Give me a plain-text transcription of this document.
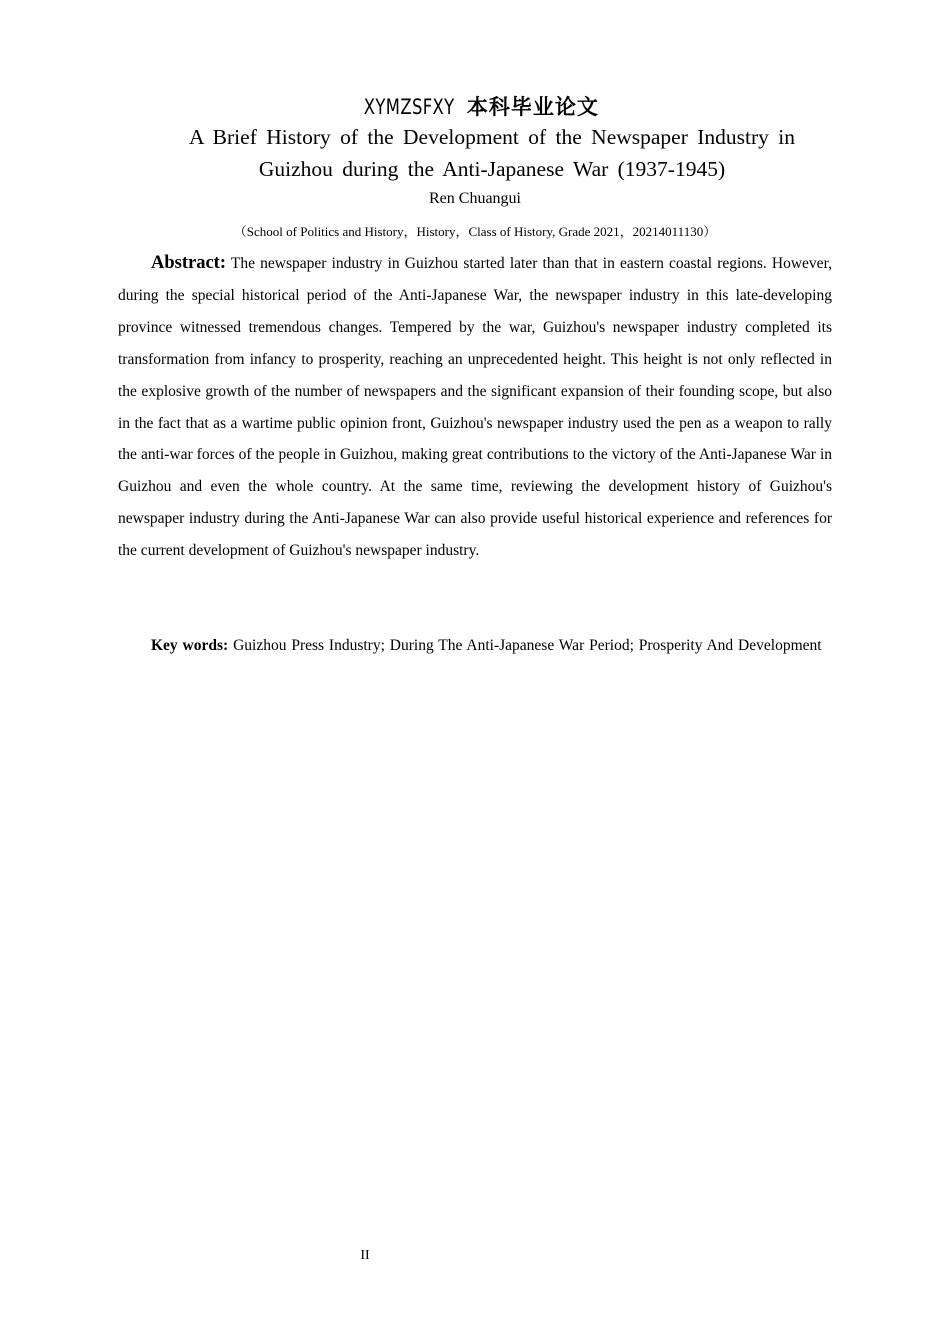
XYMZSFXY 本科毕业论文
A Brief History of the Development of the Newspaper Industry in Guizhou during the Anti-Japanese War (1937-1945)
Ren Chuangui
（School of Politics and History，History，Class of History, Grade 2021，20214011130）

Abstract: The newspaper industry in Guizhou started later than that in eastern coastal regions. However, during the special historical period of the Anti-Japanese War, the newspaper industry in this late-developing province witnessed tremendous changes. Tempered by the war, Guizhou's newspaper industry completed its transformation from infancy to prosperity, reaching an unprecedented height. This height is not only reflected in the explosive growth of the number of newspapers and the significant expansion of their founding scope, but also in the fact that as a wartime public opinion front, Guizhou's newspaper industry used the pen as a weapon to rally the anti-war forces of the people in Guizhou, making great contributions to the victory of the Anti-Japanese War in Guizhou and even the whole country. At the same time, reviewing the development history of Guizhou's newspaper industry during the Anti-Japanese War can also provide useful historical experience and references for the current development of Guizhou's newspaper industry.

Key words: Guizhou Press Industry; During The Anti-Japanese War Period; Prosperity And Development

II
